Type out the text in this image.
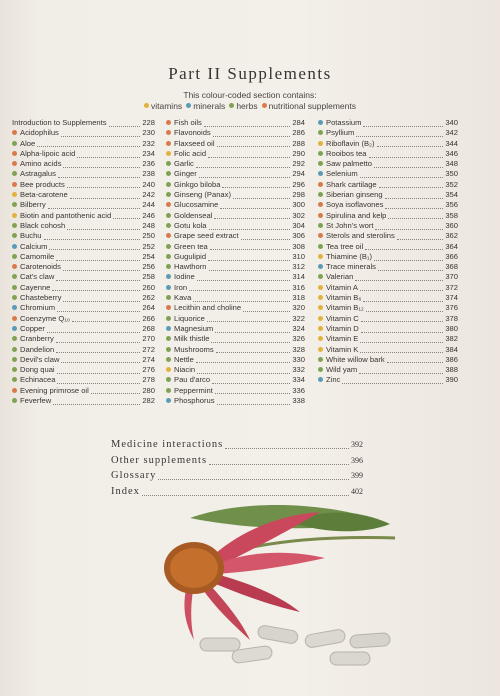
Part II Supplements
This colour-coded section contains:
vitamins minerals herbs nutritional supplements
Introduction to Supplements	228
Acidophilus	230
Aloe	232
Alpha-lipoic acid	234
Amino acids	236
Astragalus	238
Bee products	240
Beta-carotene	242
Bilberry	244
Biotin and pantothenic acid	246
Black cohosh	248
Buchu	250
Calcium	252
Camomile	254
Carotenoids	256
Cat's claw	258
Cayenne	260
Chasteberry	262
Chromium	264
Coenzyme Q₁₀	266
Copper	268
Cranberry	270
Dandelion	272
Devil's claw	274
Dong quai	276
Echinacea	278
Evening primrose oil	280
Feverfew	282
Fish oils	284
Flavonoids	286
Flaxseed oil	288
Folic acid	290
Garlic	292
Ginger	294
Ginkgo biloba	296
Ginseng (Panax)	298
Glucosamine	300
Goldenseal	302
Gotu kola	304
Grape seed extract	306
Green tea	308
Gugulipid	310
Hawthorn	312
Iodine	314
Iron	316
Kava	318
Lecithin and choline	320
Liquorice	322
Magnesium	324
Milk thistle	326
Mushrooms	328
Nettle	330
Niacin	332
Pau d'arco	334
Peppermint	336
Phosphorus	338
Potassium	340
Psyllium	342
Riboflavin (B₂)	344
Rooibos tea	346
Saw palmetto	348
Selenium	350
Shark cartilage	352
Siberian ginseng	354
Soya isoflavones	356
Spirulina and kelp	358
St John's wort	360
Sterols and sterolins	362
Tea tree oil	364
Thiamine (B₁)	366
Trace minerals	368
Valerian	370
Vitamin A	372
Vitamin B₆	374
Vitamin B₁₂	376
Vitamin C	378
Vitamin D	380
Vitamin E	382
Vitamin K	384
White willow bark	386
Wild yam	388
Zinc	390
Medicine interactions	392
Other supplements	396
Glossary	399
Index	402
